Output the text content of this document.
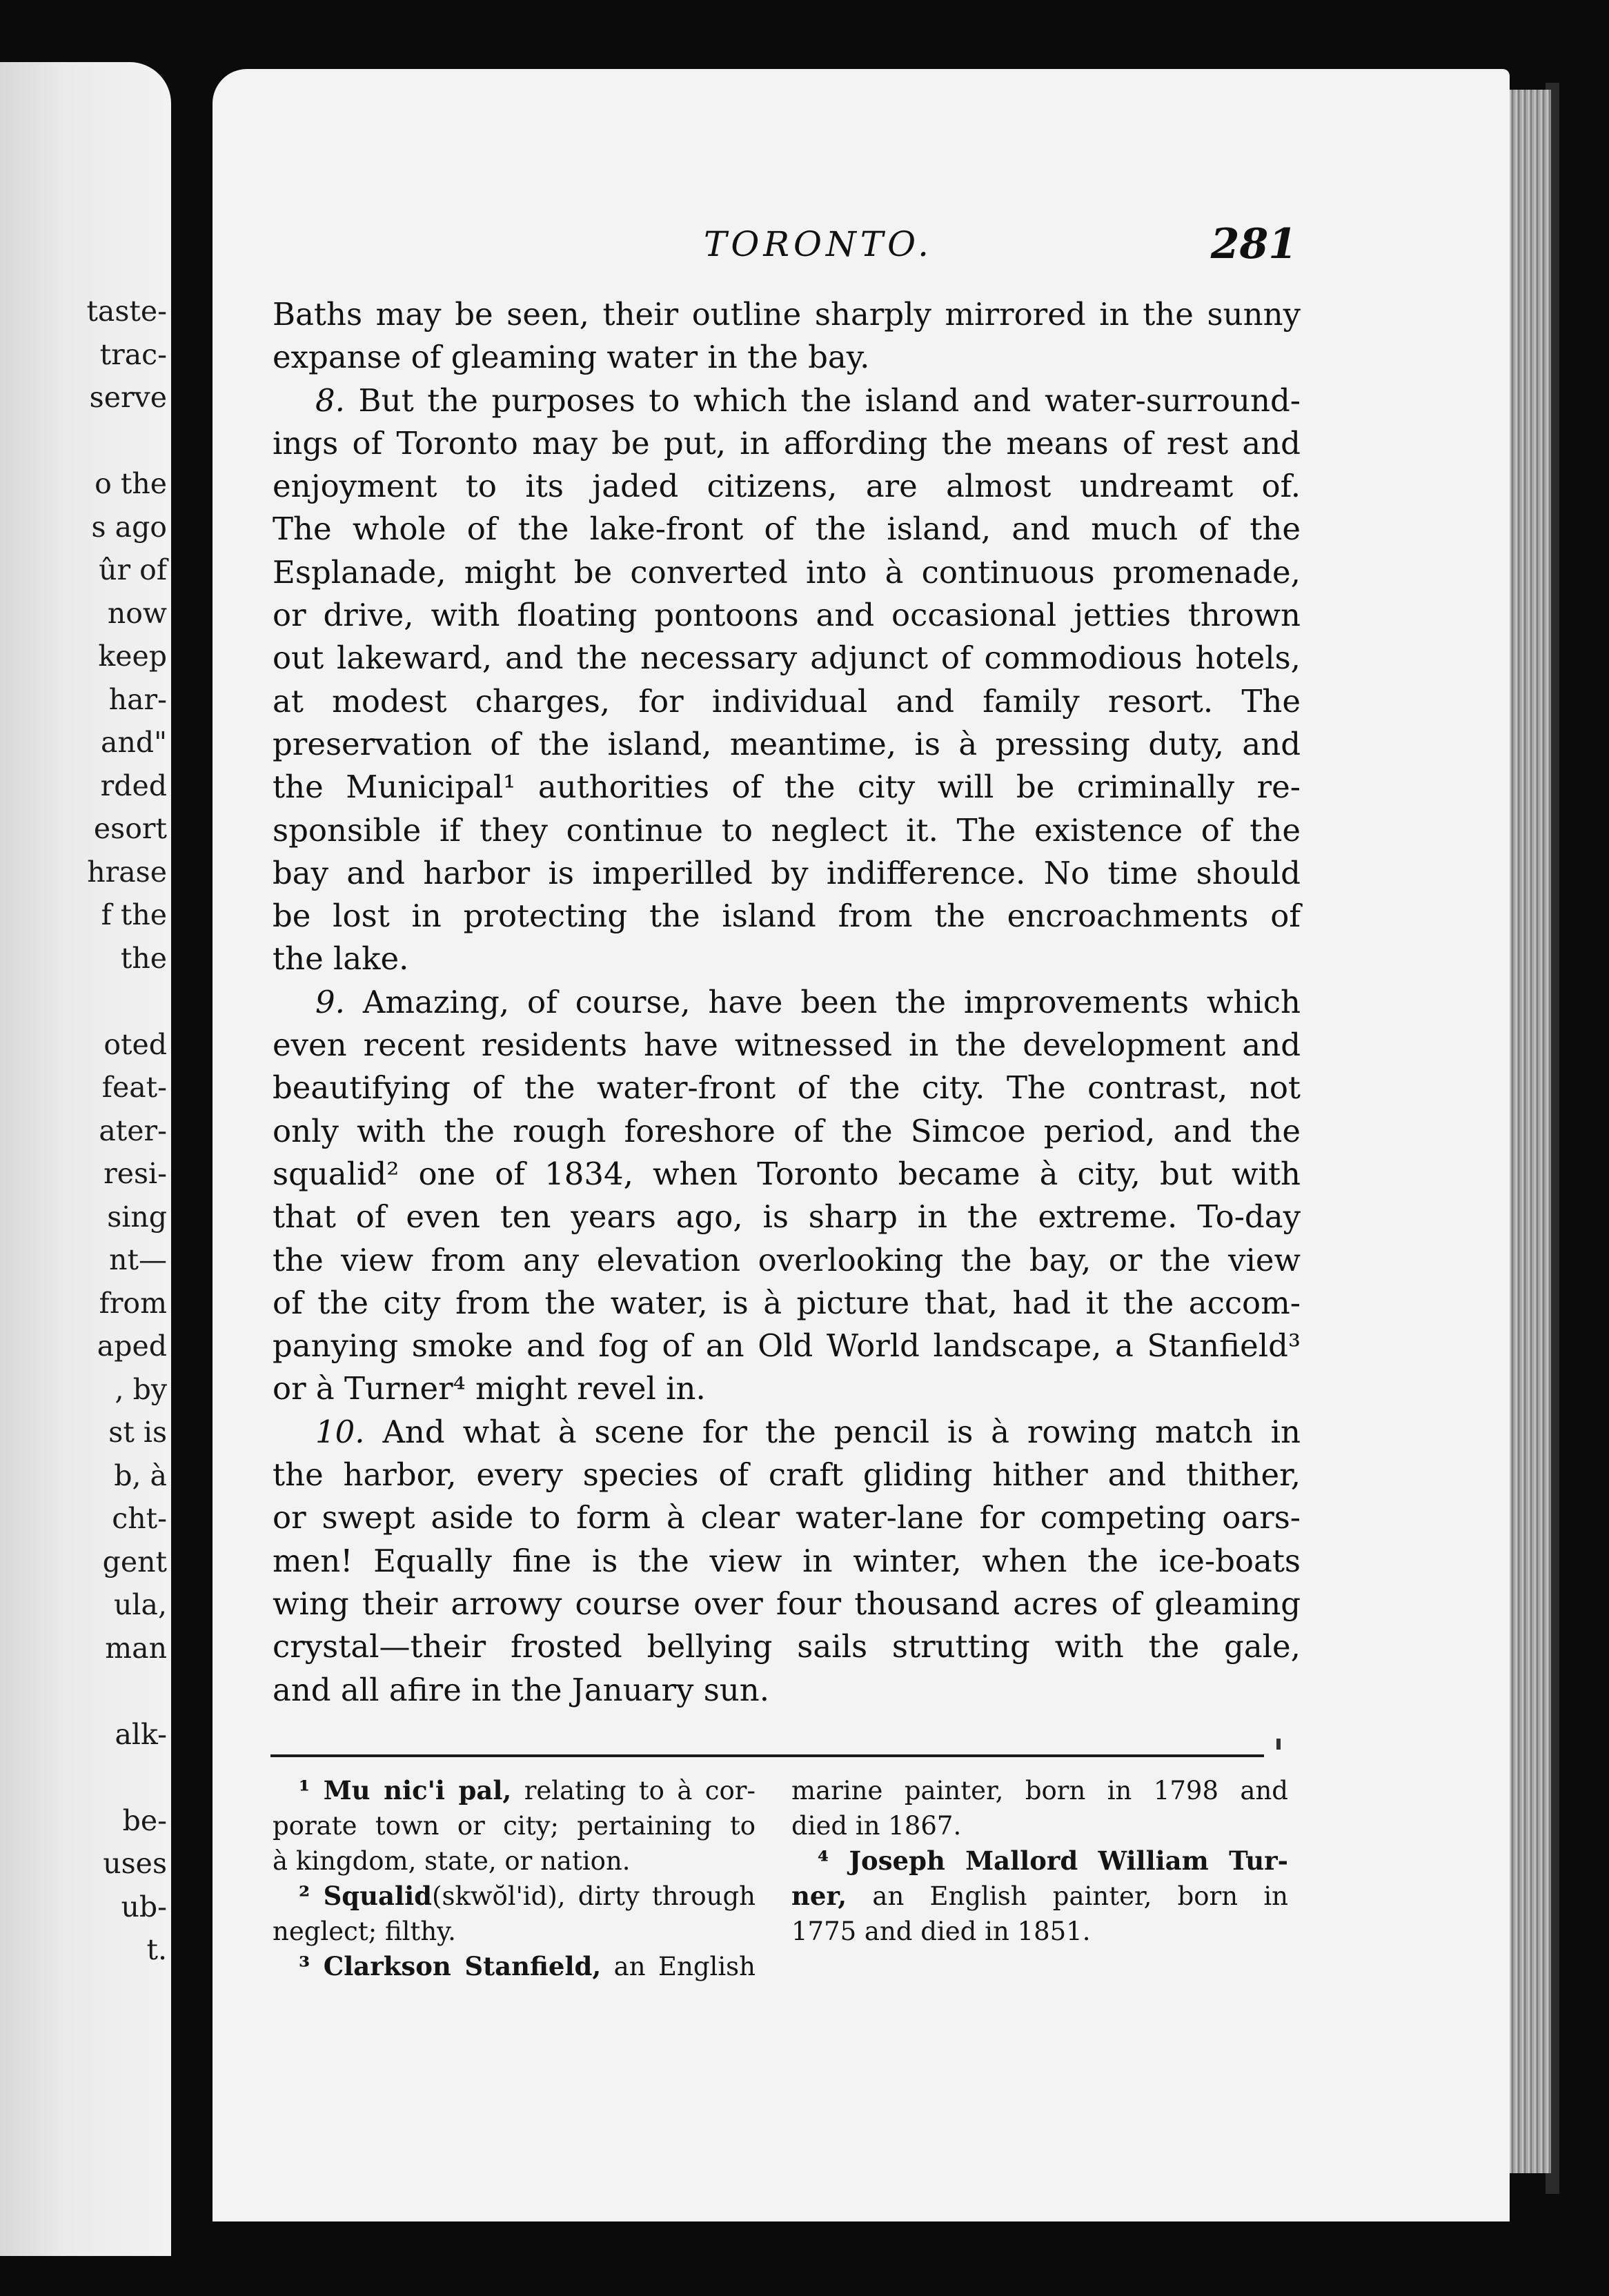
taste-
trac-
serve

o the
s ago
ûr of
now
keep
har-
and"
rded
esort
hrase
f the
the

oted
feat-
ater-
resi-
sing
nt—
from
aped
, by
st is
b, à
cht-
gent
ula,
man

alk-

be-
uses
ub-
t.
TORONTO.	281
Baths may be seen, their outline sharply mirrored in the sunny
expanse of gleaming water in the bay.
8. But the purposes to which the island and water-surround-
ings of Toronto may be put, in affording the means of rest and
enjoyment to its jaded citizens, are almost undreamt of.
The whole of the lake-front of the island, and much of the
Esplanade, might be converted into à continuous promenade,
or drive, with floating pontoons and occasional jetties thrown
out lakeward, and the necessary adjunct of commodious hotels,
at modest charges, for individual and family resort. The
preservation of the island, meantime, is à pressing duty, and
the Municipal¹ authorities of the city will be criminally re-
sponsible if they continue to neglect it. The existence of the
bay and harbor is imperilled by indifference. No time should
be lost in protecting the island from the encroachments of
the lake.
9. Amazing, of course, have been the improvements which
even recent residents have witnessed in the development and
beautifying of the water-front of the city. The contrast, not
only with the rough foreshore of the Simcoe period, and the
squalid² one of 1834, when Toronto became à city, but with
that of even ten years ago, is sharp in the extreme. To-day
the view from any elevation overlooking the bay, or the view
of the city from the water, is à picture that, had it the accom-
panying smoke and fog of an Old World landscape, a Stanfield³
or à Turner⁴ might revel in.
10. And what à scene for the pencil is à rowing match in
the harbor, every species of craft gliding hither and thither,
or swept aside to form à clear water-lane for competing oars-
men! Equally fine is the view in winter, when the ice-boats
wing their arrowy course over four thousand acres of gleaming
crystal—their frosted bellying sails strutting with the gale,
and all afire in the January sun.
¹ Mu nic'i pal, relating to à cor-
porate town or city; pertaining to
à kingdom, state, or nation.
² Squalid(skwŏl'id), dirty through
neglect; filthy.
³ Clarkson Stanfield, an English
marine painter, born in 1798 and
died in 1867.
⁴ Joseph Mallord William Tur-
ner, an English painter, born in
1775 and died in 1851.
